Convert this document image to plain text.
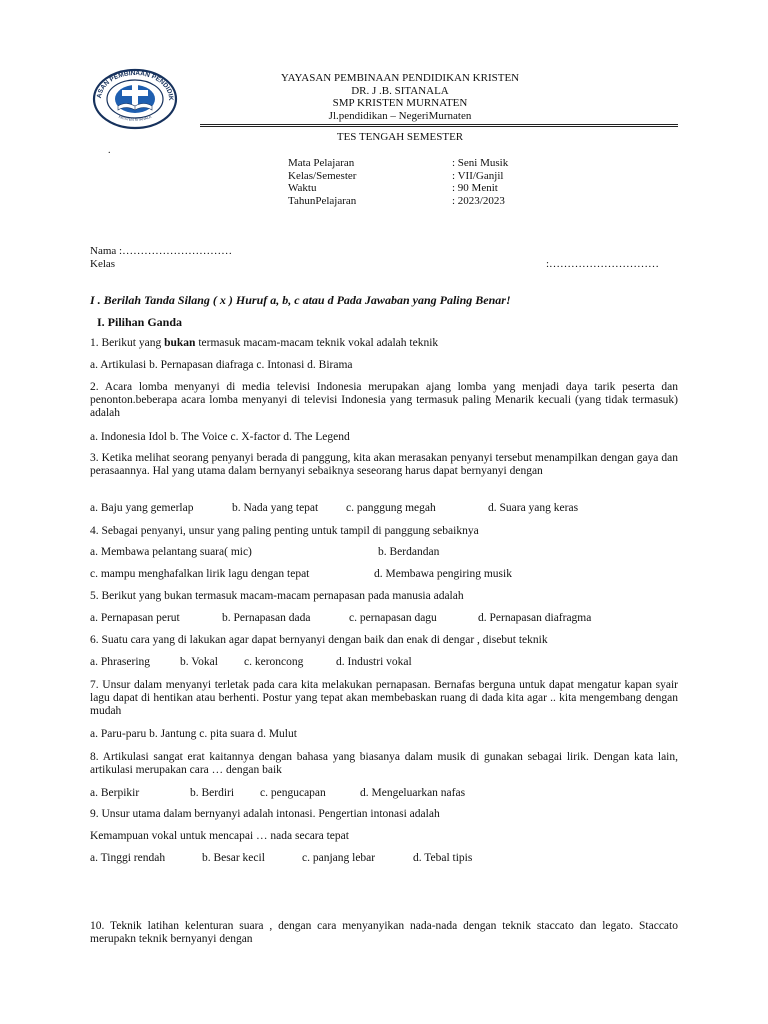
ASAN PEMBINAAN PENDIDIK
KRISTEN SITANALA
YAYASAN PEMBINAAN PENDIDIKAN KRISTEN
DR. J .B. SITANALA
SMP KRISTEN MURNATEN
Jl.pendidikan – NegeriMurnaten
TES TENGAH SEMESTER
.
Mata Pelajaran	: Seni Musik
Kelas/Semester	: VII/Ganjil
Waktu	: 90 Menit
TahunPelajaran	: 2023/2023
Nama :…………………………
Kelas	:…………………………
I . Berilah Tanda Silang ( x ) Huruf a, b, c atau d Pada Jawaban yang Paling Benar!
I. Pilihan Ganda
1. Berikut yang bukan termasuk macam-macam teknik vokal adalah teknik
a. Artikulasi b. Pernapasan diafraga c. Intonasi d. Birama
2. Acara lomba menyanyi di media televisi Indonesia merupakan ajang lomba yang menjadi daya tarik peserta dan penonton.beberapa acara lomba menyanyi di televisi Indonesia yang termasuk paling Menarik kecuali (yang tidak termasuk) adalah
a. Indonesia Idol b. The Voice c. X-factor d. The Legend
3. Ketika melihat seorang penyanyi berada di panggung, kita akan merasakan penyanyi tersebut menampilkan dengan gaya dan perasaannya. Hal yang utama dalam bernyanyi sebaiknya seseorang harus dapat bernyanyi dengan
a. Baju yang gemerlap	b. Nada yang tepat c. panggung megah	d. Suara yang keras
4. Sebagai penyanyi, unsur yang paling penting untuk tampil di panggung sebaiknya
a. Membawa pelantang suara( mic)	b. Berdandan
c. mampu menghafalkan lirik lagu dengan tepat	d. Membawa pengiring musik
5. Berikut yang bukan termasuk macam-macam pernapasan pada manusia adalah
a. Pernapasan perut	b. Pernapasan dada	c. pernapasan dagu	d. Pernapasan diafragma
6. Suatu cara yang di lakukan agar dapat bernyanyi dengan baik dan enak di dengar , disebut teknik
a. Phrasering	b. Vokal c. keroncong	d. Industri vokal
7. Unsur dalam menyanyi terletak pada cara kita melakukan pernapasan. Bernafas berguna untuk dapat mengatur kapan syair lagu dapat di hentikan atau berhenti. Postur yang tepat akan membebaskan ruang di dada kita agar .. kita mengembang dengan mudah
a. Paru-paru b. Jantung c. pita suara d. Mulut
8. Artikulasi sangat erat kaitannya dengan bahasa yang biasanya dalam musik di gunakan sebagai lirik. Dengan kata lain, artikulasi merupakan cara … dengan baik
a. Berpikir	b. Berdiri c. pengucapan	d. Mengeluarkan nafas
9. Unsur utama dalam bernyanyi adalah intonasi. Pengertian intonasi adalah
Kemampuan vokal untuk mencapai … nada secara tepat
a. Tinggi rendah	b. Besar kecil	c. panjang lebar	d. Tebal tipis
10. Teknik latihan kelenturan suara , dengan cara menyanyikan nada-nada dengan teknik staccato dan legato. Staccato merupakn teknik bernyanyi dengan
